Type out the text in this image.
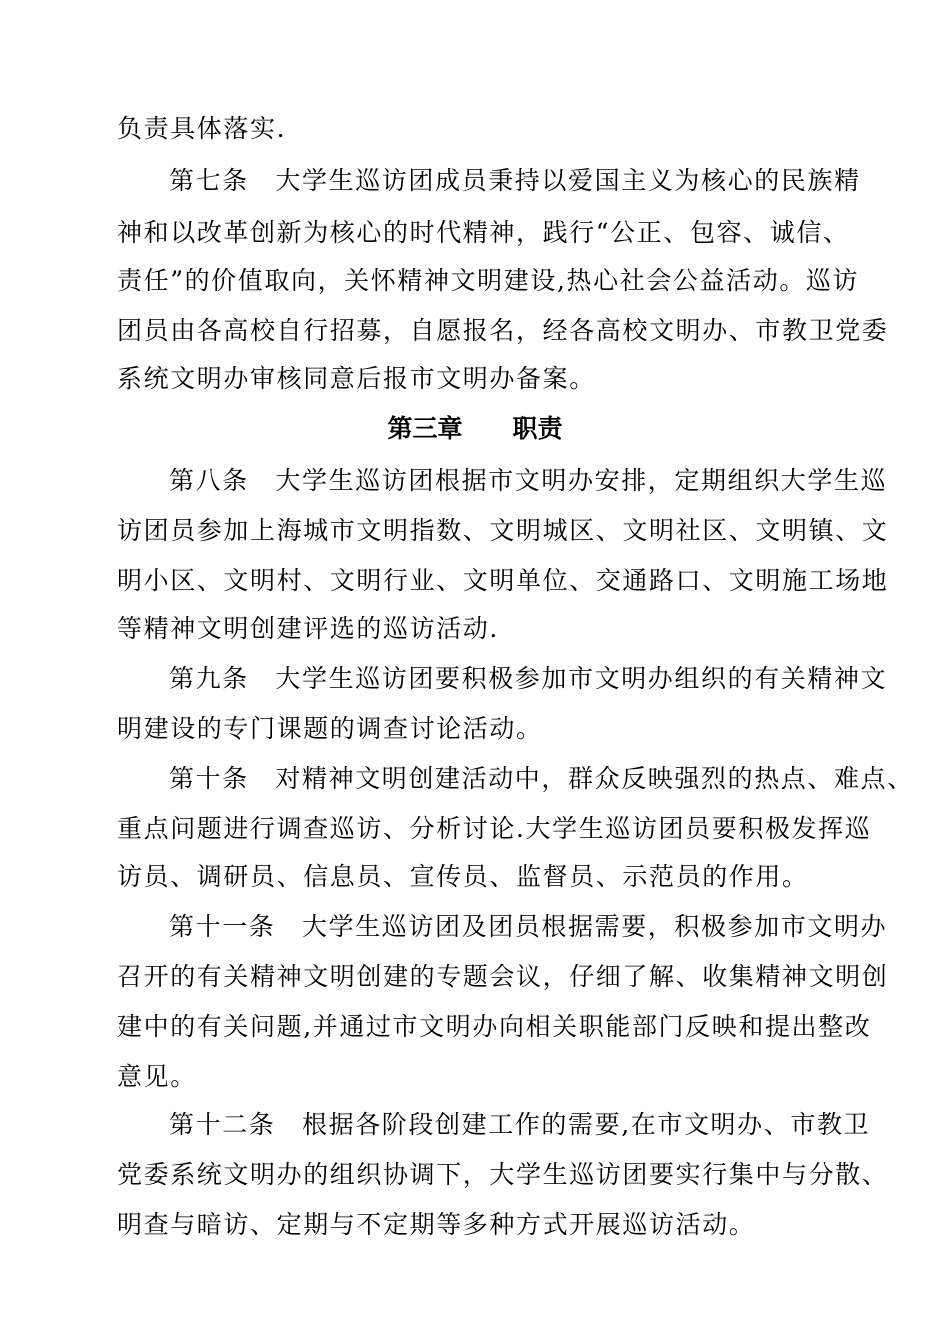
负责具体落实.
第七条　大学生巡访团成员秉持以爱国主义为核心的民族精
神和以改革创新为核心的时代精神，践行“公正、包容、诚信、
责任”的价值取向，关怀精神文明建设,热心社会公益活动。巡访
团员由各高校自行招募，自愿报名，经各高校文明办、市教卫党委
系统文明办审核同意后报市文明办备案。
第三章　　职责
第八条　大学生巡访团根据市文明办安排，定期组织大学生巡
访团员参加上海城市文明指数、文明城区、文明社区、文明镇、文
明小区、文明村、文明行业、文明单位、交通路口、文明施工场地
等精神文明创建评选的巡访活动.
第九条　大学生巡访团要积极参加市文明办组织的有关精神文
明建设的专门课题的调查讨论活动。
第十条　对精神文明创建活动中，群众反映强烈的热点、难点、
重点问题进行调查巡访、分析讨论.大学生巡访团员要积极发挥巡
访员、调研员、信息员、宣传员、监督员、示范员的作用。
第十一条　大学生巡访团及团员根据需要，积极参加市文明办
召开的有关精神文明创建的专题会议，仔细了解、收集精神文明创
建中的有关问题,并通过市文明办向相关职能部门反映和提出整改
意见。
第十二条　根据各阶段创建工作的需要,在市文明办、市教卫
党委系统文明办的组织协调下，大学生巡访团要实行集中与分散、
明查与暗访、定期与不定期等多种方式开展巡访活动。
